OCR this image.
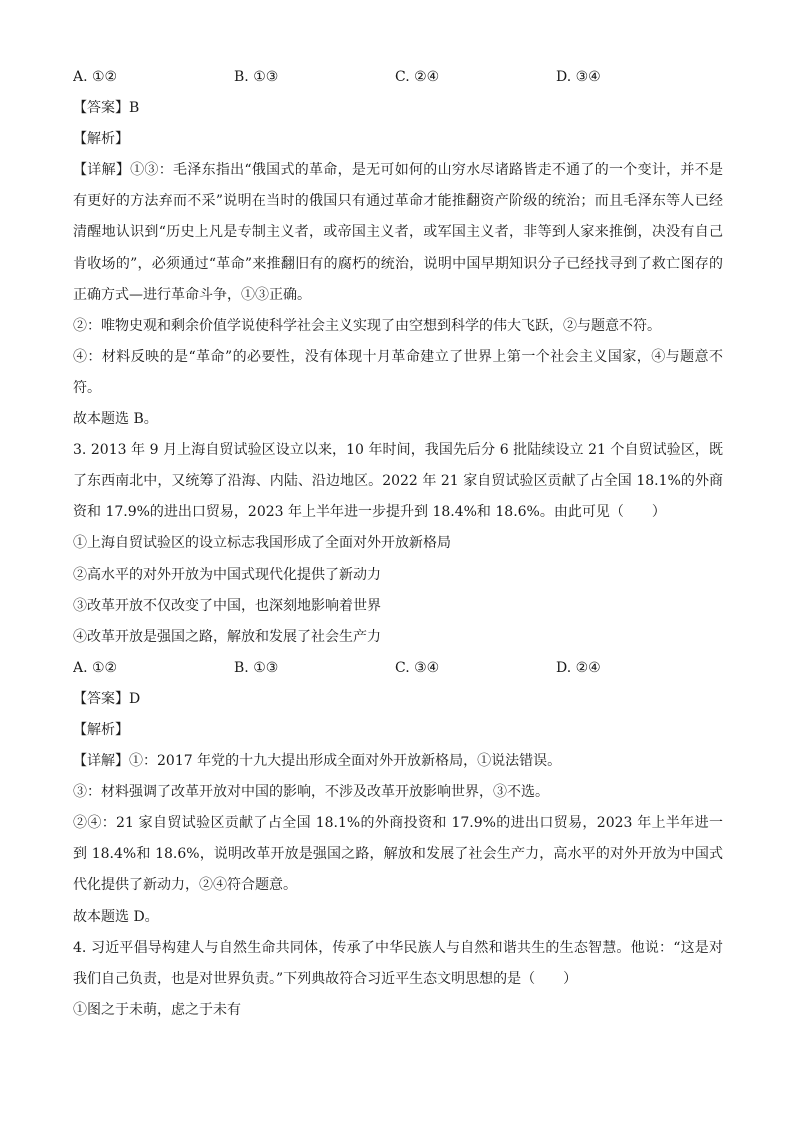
A. ①②	B. ①③	C. ②④	D. ③④
【答案】B
【解析】
【详解】①③：毛泽东指出“俄国式的革命，是无可如何的山穷水尽诸路皆走不通了的一个变计，并不是
有更好的方法弃而不采”说明在当时的俄国只有通过革命才能推翻资产阶级的统治；而且毛泽东等人已经
清醒地认识到“历史上凡是专制主义者，或帝国主义者，或军国主义者，非等到人家来推倒，决没有自己
肯收场的”，必须通过“革命”来推翻旧有的腐朽的统治，说明中国早期知识分子已经找寻到了救亡图存的
正确方式—进行革命斗争，①③正确。
②：唯物史观和剩余价值学说使科学社会主义实现了由空想到科学的伟大飞跃，②与题意不符。
④：材料反映的是“革命”的必要性，没有体现十月革命建立了世界上第一个社会主义国家，④与题意不
符。
故本题选 B。
3. 2013 年 9 月上海自贸试验区设立以来，10 年时间，我国先后分 6 批陆续设立 21 个自贸试验区，既
了东西南北中，又统筹了沿海、内陆、沿边地区。2022 年 21 家自贸试验区贡献了占全国 18.1%的外商
资和 17.9%的进出口贸易，2023 年上半年进一步提升到 18.4%和 18.6%。由此可见（　　）
①上海自贸试验区的设立标志我国形成了全面对外开放新格局
②高水平的对外开放为中国式现代化提供了新动力
③改革开放不仅改变了中国，也深刻地影响着世界
④改革开放是强国之路，解放和发展了社会生产力
A. ①②	B. ①③	C. ③④	D. ②④
【答案】D
【解析】
【详解】①：2017 年党的十九大提出形成全面对外开放新格局，①说法错误。
③：材料强调了改革开放对中国的影响，不涉及改革开放影响世界，③不选。
②④：21 家自贸试验区贡献了占全国 18.1%的外商投资和 17.9%的进出口贸易，2023 年上半年进一
到 18.4%和 18.6%，说明改革开放是强国之路，解放和发展了社会生产力，高水平的对外开放为中国式
代化提供了新动力，②④符合题意。
故本题选 D。
4. 习近平倡导构建人与自然生命共同体，传承了中华民族人与自然和谐共生的生态智慧。他说：“这是对
我们自己负责，也是对世界负责。”下列典故符合习近平生态文明思想的是（　　）
①图之于未萌，虑之于未有
